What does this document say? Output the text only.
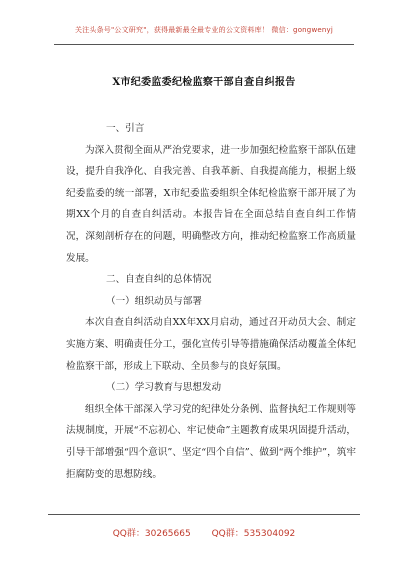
关注头条号"公文研究"，获得最新最全最专业的公文资料库！ 微信：gongwenyj
X市纪委监委纪检监察干部自查自纠报告

一、引言

为深入贯彻全面从严治党要求，进一步加强纪检监察干部队伍建设，提升自我净化、自我完善、自我革新、自我提高能力，根据上级纪委监委的统一部署，X市纪委监委组织全体纪检监察干部开展了为期XX个月的自查自纠活动。本报告旨在全面总结自查自纠工作情况，深刻剖析存在的问题，明确整改方向，推动纪检监察工作高质量发展。

二、自查自纠的总体情况

（一）组织动员与部署

本次自查自纠活动自XX年XX月启动，通过召开动员大会、制定实施方案、明确责任分工，强化宣传引导等措施确保活动覆盖全体纪检监察干部，形成上下联动、全员参与的良好氛围。

（二）学习教育与思想发动

组织全体干部深入学习党的纪律处分条例、监督执纪工作规则等法规制度，开展“不忘初心、牢记使命”主题教育成果巩固提升活动，引导干部增强“四个意识”、坚定“四个自信”、做到“两个维护”，筑牢拒腐防变的思想防线。

QQ群：30265665 QQ群：535304092
